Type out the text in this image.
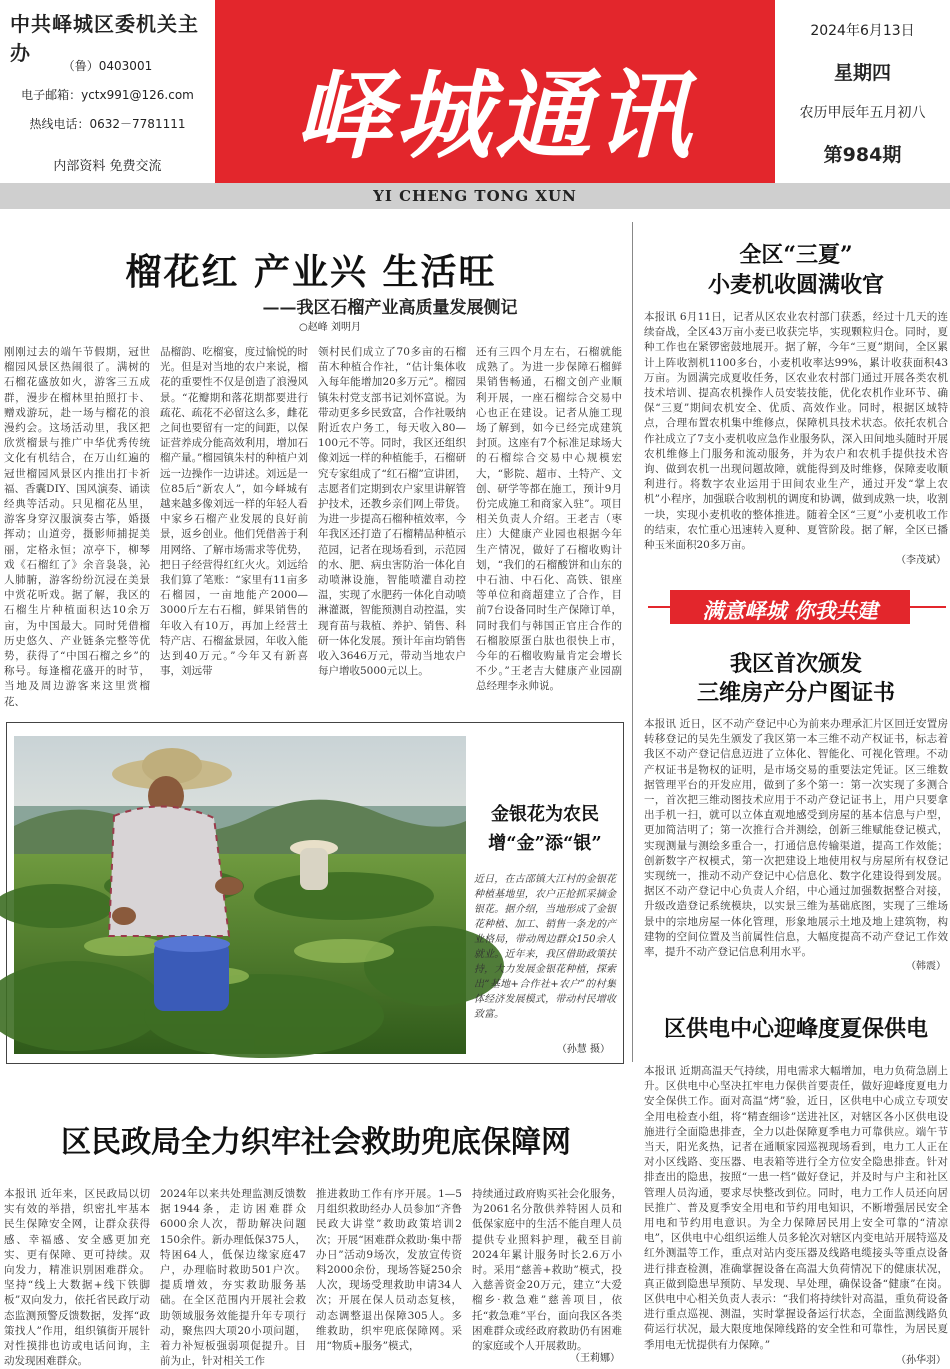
中共峄城区委机关主办
（鲁）0403001
电子邮箱：yctx991@126.com
热线电话：0632－7781111
内部资料 免费交流	峄城通讯
2024年6月13日
星期四
农历甲辰年五月初八
第984期
YI CHENG TONG XUN
榴花红 产业兴 生活旺
——我区石榴产业高质量发展侧记
○赵峰 刘明月
刚刚过去的端午节假期，冠世榴园风景区热闹很了。满树的石榴花盛放如火，游客三五成群，漫步在榴林里拍照打卡、赠戏游玩，赴一场与榴花的浪漫约会。这场活动里，我区把欣赏榴景与推广中华优秀传统文化有机结合，在万山红遍的冠世榴园风景区内推出打卡祈福、香囊DIY、国风演奏、诵读经典等活动。只见榴花丛里，游客身穿汉服演奏古筝，婚摄挥动；山道旁，摄影师捕捉美丽，定格永恒；凉亭下，柳琴戏《石榴红了》余音袅袅，沁人肺腑，游客纷纷沉浸在美景中赏花听戏。据了解，我区的石榴生片种植面积达10余万亩，为中国最大。同时凭借榴历史悠久、产业链条完整等优势，获得了“中国石榴之乡”的称号。每逢榴花盛开的时节，当地及周边游客来这里赏榴花、
品榴韵、吃榴宴，度过愉悦的时光。但是对当地的农户来说，榴花的重要性不仅是创造了浪漫风景。“花瓣期和落花期都要进行疏花、疏花不必留这么多，雌花之间也要留有一定的间距，以保证营养成分能高效利用，增加石榴产量。”榴园镇朱村的种植户刘远一边操作一边讲述。刘远是一位85后“新农人”，如今峄城有越来越多像刘远一样的年轻人看中家乡石榴产业发展的良好前景，返乡创业。他们凭借善于利用网络、了解市场需求等优势，把日子经营得红红火火。刘远给我们算了笔账：“家里有11亩多石榴园，一亩地能产2000—3000斤左右石榴，鲜果销售的年收入有10万，再加上经营土特产店、石榴盆景园，年收入能达到40万元。”今年又有新喜事，刘远带
领村民们成立了70多亩的石榴苗木种植合作社，“估计集体收入每年能增加20多万元”。榴园镇朱村党支部书记刘怀富说。为带动更多乡民致富，合作社吸纳附近农户务工，每天收入80—100元不等。同时，我区还组织像刘远一样的种植能手，石榴研究专家组成了“红石榴”宣讲团，志愿者们定期到农户家里讲解管护技术，还教乡亲们网上带货。为进一步提高石榴种植效率，今年我区还打造了石榴精品种植示范园，记者在现场看到，示范园的水、肥、病虫害防治一体化自动喷淋设施，智能喷灌自动控温，实现了水肥药一体化自动喷淋灌溉，智能预测自动控温，实现育苗与栽植、养护、销售、科研一体化发展。预计年亩均销售收入3646万元，带动当地农户每户增收5000元以上。
还有三四个月左右，石榴就能成熟了。为进一步保障石榴鲜果销售畅通，石榴文创产业顺利开展，一座石榴综合交易中心也正在建设。记者从施工现场了解到，如今已经完成建筑封顶。这座有7个标准足球场大的石榴综合交易中心规模宏大，“影院、超市、土特产、文创、研学等都在施工，预计9月份完成施工和商家入驻”。项目相关负责人介绍。王老吉（枣庄）大健康产业园也根据今年生产情况，做好了石榴收购计划，“我们的石榴酸饼和山东的中石油、中石化、高铁、银座等单位和商超建立了合作，目前7台设备同时生产保障订单，同时我们与韩国正官庄合作的石榴胶原蛋白肽也很快上市，今年的石榴收购量肯定会增长不少。”王老吉大健康产业园副总经理李永帅说。
全区“三夏”
小麦机收圆满收官
本报讯 6月11日，记者从区农业农村部门获悉，经过十几天的连续奋战，全区43万亩小麦已收获完毕，实现颗粒归仓。同时，夏种工作也在紧锣密鼓地展开。据了解，今年“三夏”期间，全区累计上阵收割机1100多台，小麦机收率达99%，累计收获面积43万亩。为圆满完成夏收任务，区农业农村部门通过开展各类农机技术培训、提高农机操作人员安装技能，优化农机作业环节、确保“三夏”期间农机安全、优质、高效作业。同时，根据区域特点，合理布置农机集中维修点，保障机具技术状态。依托农机合作社成立了7支小麦机收应急作业服务队，深入田间地头随时开展农机维修上门服务和流动服务，并为农户和农机手提供技术咨询、做到农机一出现问题故障，就能得到及时维修，保障麦收顺利进行。将数字农业运用于田间农业生产，通过开发“掌上农机”小程序，加强联合收割机的调度和协调，做到成熟一块，收割一块，实现小麦机收的整体推进。随着全区“三夏”小麦机收工作的结束，农忙重心迅速转入夏种、夏管阶段。据了解，全区已播种玉米面积20多万亩。
（李茂斌）
满意峄城 你我共建
我区首次颁发
三维房产分户图证书
本报讯 近日，区不动产登记中心为前来办理承汇片区回迁安置房转移登记的吴先生颁发了我区第一本三维不动产权证书，标志着我区不动产登记信息迈进了立体化、智能化、可视化管理。不动产权证书是物权的证明，是市场交易的重要法定凭证。区三维数据管理平台的开发应用，做到了多个第一：第一次实现了多测合一，首次把三维动图技术应用于不动产登记证书上，用户只要拿出手机一扫，就可以立体直观地感受到房屋的基本信息与户型，更加简洁明了；第一次推行合并测绘，创新三维赋能登记模式，实现测量与测绘多重合一，打通信息传输渠道，提高工作效能；创新数字产权模式，第一次把建设上地使用权与房屋所有权登记实现统一，推动不动产登记中心信息化、数字化建设得到发展。据区不动产登记中心负责人介绍，中心通过加强数据整合对接，升级改造登记系统模块，以实景三维为基础底图，实现了三维场景中的宗地房屋一体化管理，形象地展示土地及地上建筑物，构建物的空间位置及当前属性信息，大幅度提高不动产登记工作效率，提升不动产登记信息利用水平。
（韩震）
区供电中心迎峰度夏保供电
本报讯 近期高温天气持续，用电需求大幅增加，电力负荷急剧上升。区供电中心坚决扛牢电力保供首要责任，做好迎峰度夏电力安全保供工作。面对高温“烤”验，近日，区供电中心成立专项安全用电检查小组，将“精查细诊”送进社区，对辖区各小区供电设施进行全面隐患排查，全力以赴保障夏季电力可靠供应。端午节当天，阳光炙热，记者在通顺家园巡视现场看到，电力工人正在对小区线路、变压器、电表箱等进行全方位安全隐患排查。针对排查出的隐患，按照“一患一档”做好登记，并及时与户主和社区管理人员沟通，要求尽快整改到位。同时，电力工作人员还向居民推广、普及夏季安全用电和节约用电知识，不断增强居民安全用电和节约用电意识。为全力保障居民用上安全可靠的“清凉电”，区供电中心组织运维人员多轮次对辖区内变电站开展特巡及红外测温等工作，重点对站内变压器及线路电缆接头等重点设备进行排查检测，准确掌握设备在高温大负荷情况下的健康状况，真正做到隐患早预防、早发现、早处理，确保设备“健康”在岗。区供电中心相关负责人表示：“我们将持续针对高温，重负荷设备进行重点巡视、测温，实时掌握设备运行状态，全面监测线路负荷运行状况，最大限度地保障线路的安全性和可靠性，为居民夏季用电无忧提供有力保障。”
（孙华羽）
金银花为农民
增“金”添“银”
近日，在古邵镇大江村的金银花种植基地里，农户正抢抓采摘金银花。据介绍，当地形成了金银花种植、加工、销售一条龙的产业格局，带动周边群众150余人就业。近年来，我区借助政策扶持，大力发展金银花种植，探索出“基地+合作社+农户”的村集体经济发展模式，带动村民增收致富。
（孙慧 摄）
区民政局全力织牢社会救助兜底保障网
本报讯 近年来，区民政局以切实有效的举措，织密扎牢基本民生保障安全网，让群众获得感、幸福感、安全感更加充实、更有保障、更可持续。双向发力，精准识别困难群众。坚持“线上大数据+线下铁脚板”双向发力，依托省民政厅动态监测预警反馈数据，发挥“政策找人”作用，组织镇街开展针对性摸排也访或电话问询，主动发现困难群众。
2024年以来共处理监测反馈数据1944条，走访困难群众6000余人次，帮助解决问题150余件。新办理低保375人，特困64人，低保边缘家庭47户，办理临时救助501户次。提质增效，夯实救助服务基础。在全区范围内开展社会救助领域服务效能提升年专项行动，聚焦四大项20小项问题，着力补短板强弱项促提升。目前为止，针对相关工作
推进救助工作有序开展。1—5月组织救助经办人员参加“齐鲁民政大讲堂”救助政策培训2次；开展“困难群众救助·集中帮办日”活动9场次，发放宣传资料2000余份，现场答疑250余人次，现场受理救助申请34人次；开展在保人员动态复核，动态调整退出保障305人。多维救助，织牢兜底保障网。采用“物质+服务”模式，
持续通过政府购买社会化服务，为2061名分散供养特困人员和低保家庭中的生活不能自理人员提供专业照料护理，截至目前2024年累计服务时长2.6万小时。采用“慈善+救助”模式，投入慈善资金20万元，建立“大爱榴乡·救急难”慈善项目，依托“救急难”平台，面向我区各类困难群众或经政府救助仍有困难的家庭或个人开展救助。
（王莉娜）
